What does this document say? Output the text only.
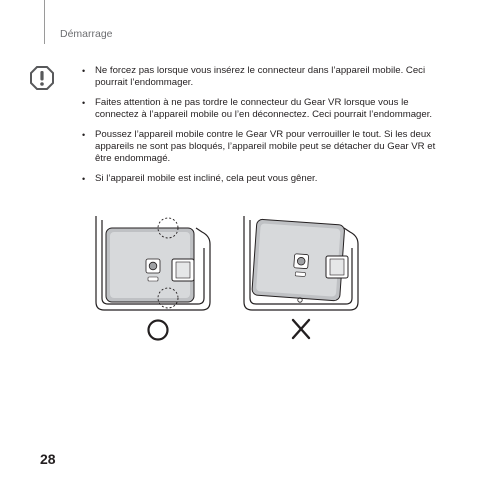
Démarrage
• Ne forcez pas lorsque vous insérez le connecteur dans l’appareil mobile. Ceci pourrait l’endommager.
• Faites attention à ne pas tordre le connecteur du Gear VR lorsque vous le connectez à l’appareil mobile ou l’en déconnectez. Ceci pourrait l’endommager.
• Poussez l’appareil mobile contre le Gear VR pour verrouiller le tout. Si les deux appareils ne sont pas bloqués, l’appareil mobile peut se détacher du Gear VR et être endommagé.
• Si l’appareil mobile est incliné, cela peut vous gêner.
28
